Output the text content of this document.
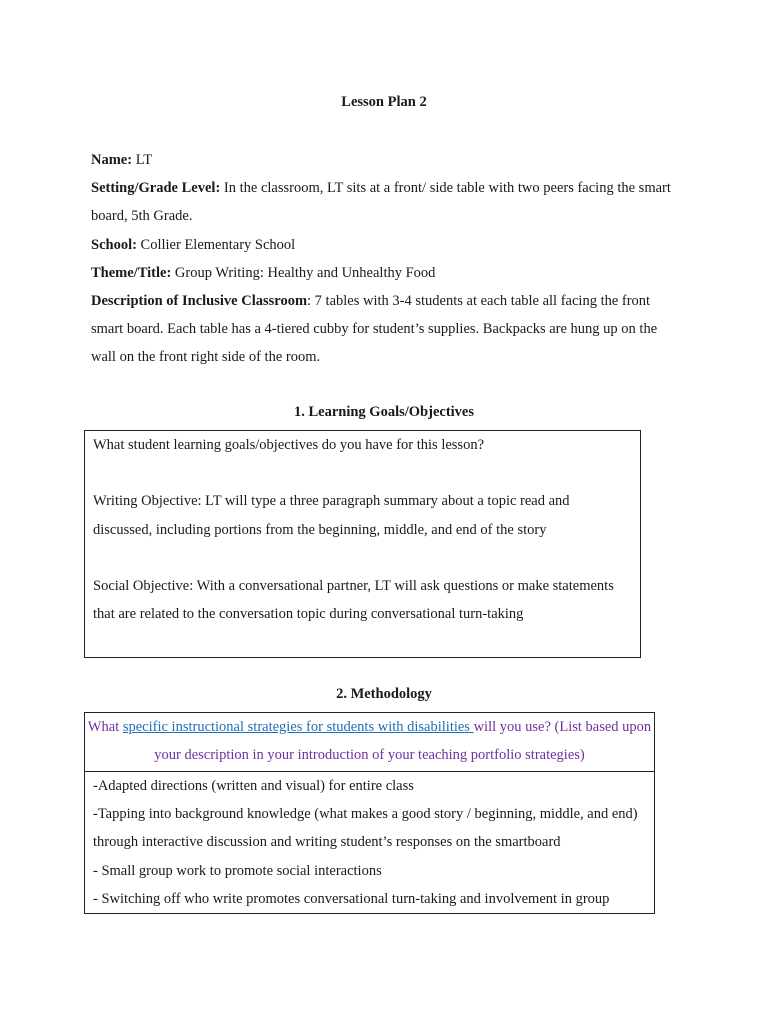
Lesson Plan 2

Name: LT

Setting/Grade Level: In the classroom, LT sits at a front/ side table with two peers facing the smart board, 5th Grade.

School: Collier Elementary School

Theme/Title: Group Writing: Healthy and Unhealthy Food

Description of Inclusive Classroom: 7 tables with 3-4 students at each table all facing the front smart board. Each table has a 4-tiered cubby for student’s supplies. Backpacks are hung up on the wall on the front right side of the room.

1. Learning Goals/Objectives

What student learning goals/objectives do you have for this lesson?

Writing Objective: LT will type a three paragraph summary about a topic read and discussed, including portions from the beginning, middle, and end of the story

Social Objective: With a conversational partner, LT will ask questions or make statements that are related to the conversation topic during conversational turn-taking

2. Methodology
What specific instructional strategies for students with disabilities will you use? (List based upon your description in your introduction of your teaching portfolio strategies)

-Adapted directions (written and visual) for entire class

-Tapping into background knowledge (what makes a good story / beginning, middle, and end) through interactive discussion and writing student’s responses on the smartboard

- Small group work to promote social interactions

- Switching off who write promotes conversational turn-taking and involvement in group
